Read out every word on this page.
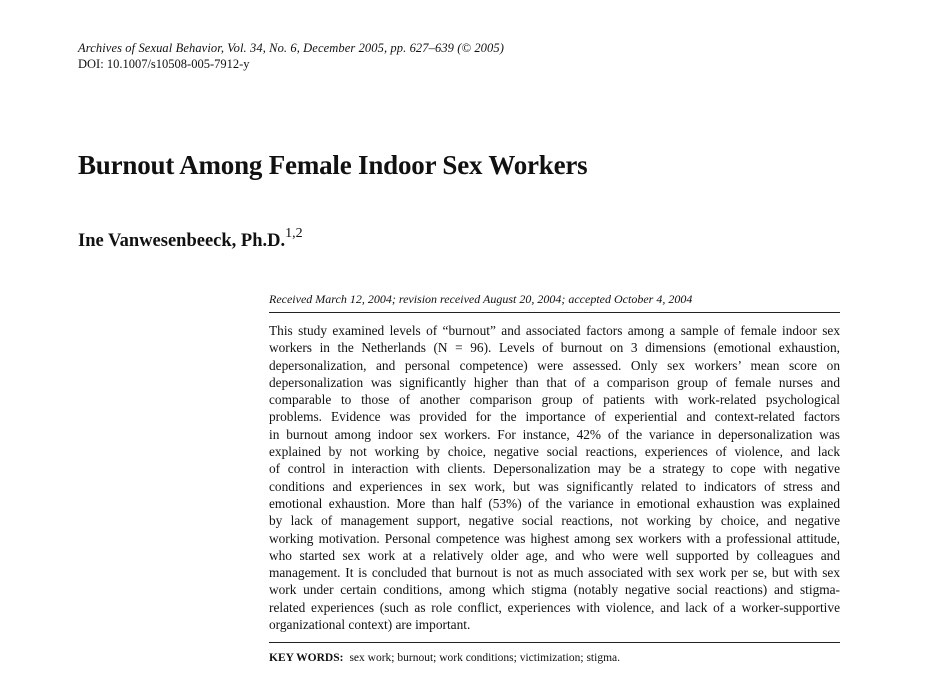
Archives of Sexual Behavior, Vol. 34, No. 6, December 2005, pp. 627–639 (© 2005)
DOI: 10.1007/s10508-005-7912-y
Burnout Among Female Indoor Sex Workers
Ine Vanwesenbeeck, Ph.D.$^{1,2}$
Received March 12, 2004; revision received August 20, 2004; accepted October 4, 2004
This study examined levels of “burnout” and associated factors among a sample of female indoor sex
workers in the Netherlands (N = 96). Levels of burnout on 3 dimensions (emotional exhaustion,
depersonalization, and personal competence) were assessed. Only sex workers’ mean score on
depersonalization was significantly higher than that of a comparison group of female nurses and
comparable to those of another comparison group of patients with work-related psychological
problems. Evidence was provided for the importance of experiential and context-related factors
in burnout among indoor sex workers. For instance, 42% of the variance in depersonalization was
explained by not working by choice, negative social reactions, experiences of violence, and lack
of control in interaction with clients. Depersonalization may be a strategy to cope with negative
conditions and experiences in sex work, but was significantly related to indicators of stress and
emotional exhaustion. More than half (53%) of the variance in emotional exhaustion was explained
by lack of management support, negative social reactions, not working by choice, and negative
working motivation. Personal competence was highest among sex workers with a professional attitude,
who started sex work at a relatively older age, and who were well supported by colleagues and
management. It is concluded that burnout is not as much associated with sex work per se, but with sex
work under certain conditions, among which stigma (notably negative social reactions) and stigma-
related experiences (such as role conflict, experiences with violence, and lack of a worker-supportive
organizational context) are important.
KEY WORDS: sex work; burnout; work conditions; victimization; stigma.
